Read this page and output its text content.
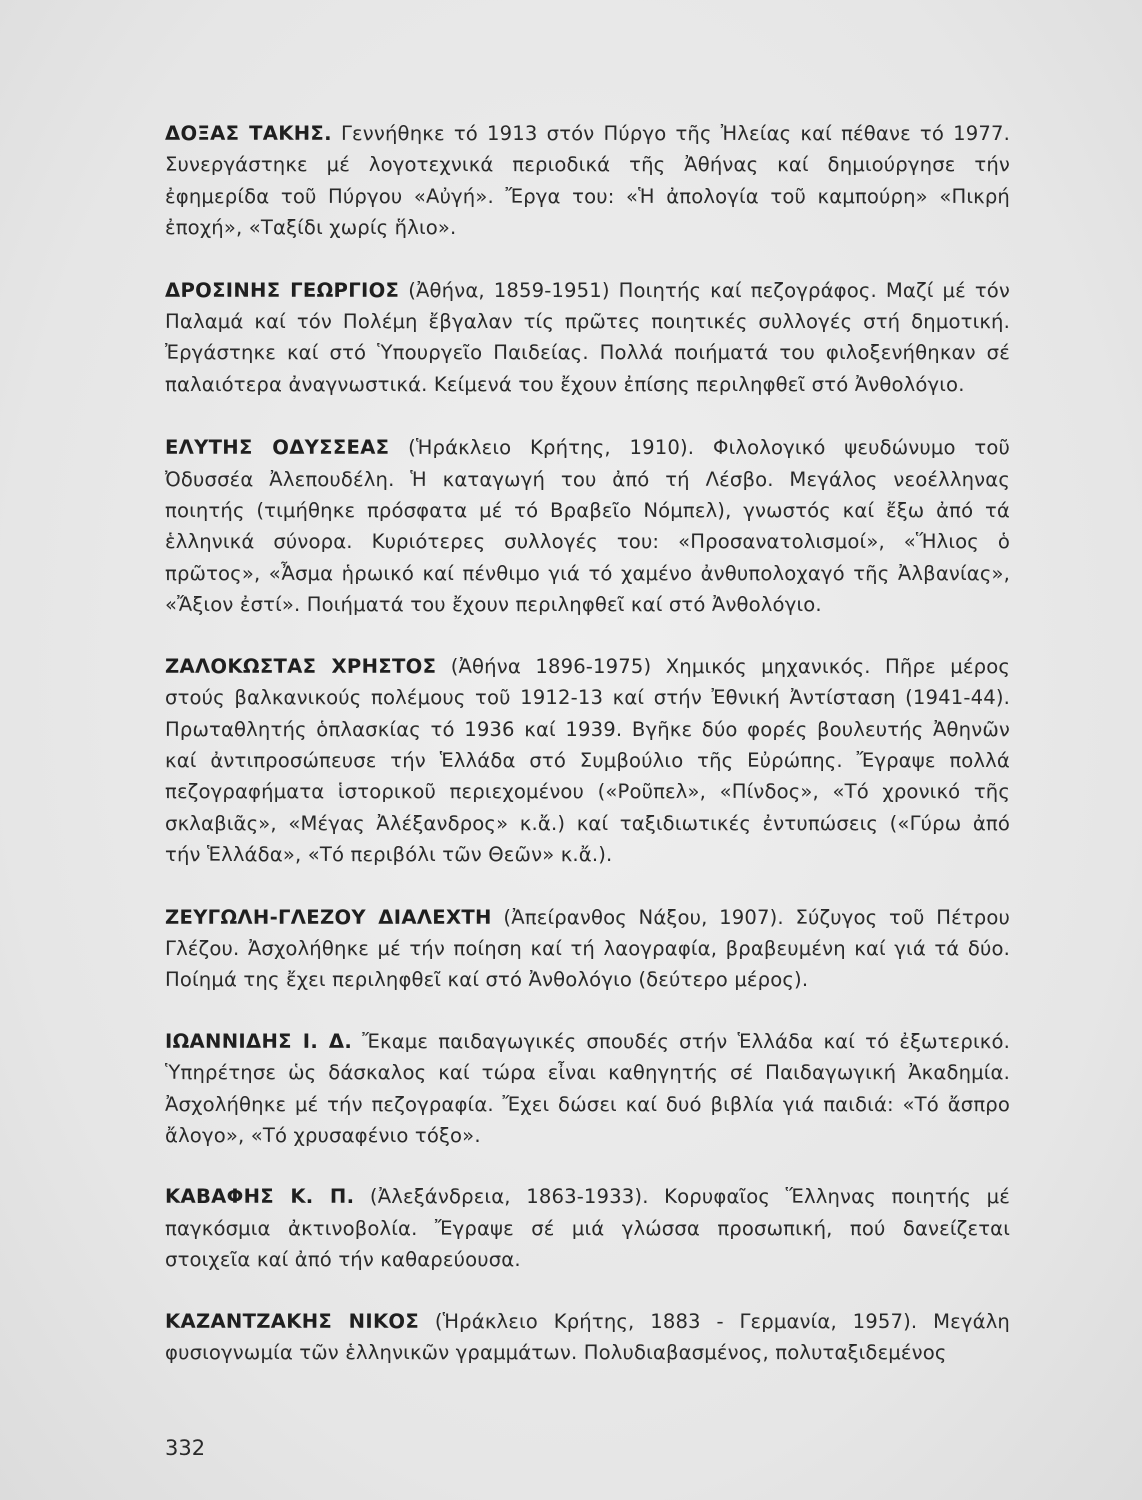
ΔΟΞΑΣ ΤΑΚΗΣ. Γεννήθηκε τό 1913 στόν Πύργο τῆς Ἠλείας καί πέθανε τό 1977. Συνεργάστηκε μέ λογοτεχνικά περιοδικά τῆς Ἀθήνας καί δημιούργησε τήν ἐφημερίδα τοῦ Πύργου «Αὐγή». Ἔργα του: «Ἡ ἀπολογία τοῦ καμπούρη» «Πικρή ἐποχή», «Ταξίδι χωρίς ἥλιο».

ΔΡΟΣΙΝΗΣ ΓΕΩΡΓΙΟΣ (Ἀθήνα, 1859-1951) Ποιητής καί πεζογράφος. Μαζί μέ τόν Παλαμά καί τόν Πολέμη ἔβγαλαν τίς πρῶτες ποιητικές συλλογές στή δημοτική. Ἐργάστηκε καί στό Ὑπουργεῖο Παιδείας. Πολλά ποιήματά του φιλοξενήθηκαν σέ παλαιότερα ἀναγνωστικά. Κείμενά του ἔχουν ἐπίσης περιληφθεῖ στό Ἀνθολόγιο.

ΕΛΥΤΗΣ ΟΔΥΣΣΕΑΣ (Ἡράκλειο Κρήτης, 1910). Φιλολογικό ψευδώνυμο τοῦ Ὀδυσσέα Ἀλεπουδέλη. Ἡ καταγωγή του ἀπό τή Λέσβο. Μεγάλος νεοέλληνας ποιητής (τιμήθηκε πρόσφατα μέ τό Βραβεῖο Νόμπελ), γνωστός καί ἔξω ἀπό τά ἑλληνικά σύνορα. Κυριότερες συλλογές του: «Προσανατολισμοί», «Ἥλιος ὁ πρῶτος», «Ἆσμα ἡρωικό καί πένθιμο γιά τό χαμένο ἀνθυπολοχαγό τῆς Ἀλβανίας», «Ἄξιον ἐστί». Ποιήματά του ἔχουν περιληφθεῖ καί στό Ἀνθολόγιο.

ΖΑΛΟΚΩΣΤΑΣ ΧΡΗΣΤΟΣ (Ἀθήνα 1896-1975) Χημικός μηχανικός. Πῆρε μέρος στούς βαλκανικούς πολέμους τοῦ 1912-13 καί στήν Ἐθνική Ἀντίσταση (1941-44). Πρωταθλητής ὁπλασκίας τό 1936 καί 1939. Βγῆκε δύο φορές βουλευτής Ἀθηνῶν καί ἀντιπροσώπευσε τήν Ἑλλάδα στό Συμβούλιο τῆς Εὐρώπης. Ἔγραψε πολλά πεζογραφήματα ἱστορικοῦ περιεχομένου («Ροῦπελ», «Πίνδος», «Τό χρονικό τῆς σκλαβιᾶς», «Μέγας Ἀλέξανδρος» κ.ἄ.) καί ταξιδιωτικές ἐντυπώσεις («Γύρω ἀπό τήν Ἑλλάδα», «Τό περιβόλι τῶν Θεῶν» κ.ἄ.).

ΖΕΥΓΩΛΗ-ΓΛΕΖΟΥ ΔΙΑΛΕΧΤΗ (Ἀπείρανθος Νάξου, 1907). Σύζυγος τοῦ Πέτρου Γλέζου. Ἀσχολήθηκε μέ τήν ποίηση καί τή λαογραφία, βραβευμένη καί γιά τά δύο. Ποίημά της ἔχει περιληφθεῖ καί στό Ἀνθολόγιο (δεύτερο μέρος).

ΙΩΑΝΝΙΔΗΣ Ι. Δ. Ἔκαμε παιδαγωγικές σπουδές στήν Ἑλλάδα καί τό ἐξωτερικό. Ὑπηρέτησε ὡς δάσκαλος καί τώρα εἶναι καθηγητής σέ Παιδαγωγική Ἀκαδημία. Ἀσχολήθηκε μέ τήν πεζογραφία. Ἔχει δώσει καί δυό βιβλία γιά παιδιά: «Τό ἄσπρο ἄλογο», «Τό χρυσαφένιο τόξο».

ΚΑΒΑΦΗΣ Κ. Π. (Ἀλεξάνδρεια, 1863-1933). Κορυφαῖος Ἕλληνας ποιητής μέ παγκόσμια ἀκτινοβολία. Ἔγραψε σέ μιά γλώσσα προσωπική, πού δανείζεται στοιχεῖα καί ἀπό τήν καθαρεύουσα.

ΚΑΖΑΝΤΖΑΚΗΣ ΝΙΚΟΣ (Ἡράκλειο Κρήτης, 1883 - Γερμανία, 1957). Μεγάλη φυσιογνωμία τῶν ἑλληνικῶν γραμμάτων. Πολυδιαβασμένος, πολυταξιδεμένος

332
